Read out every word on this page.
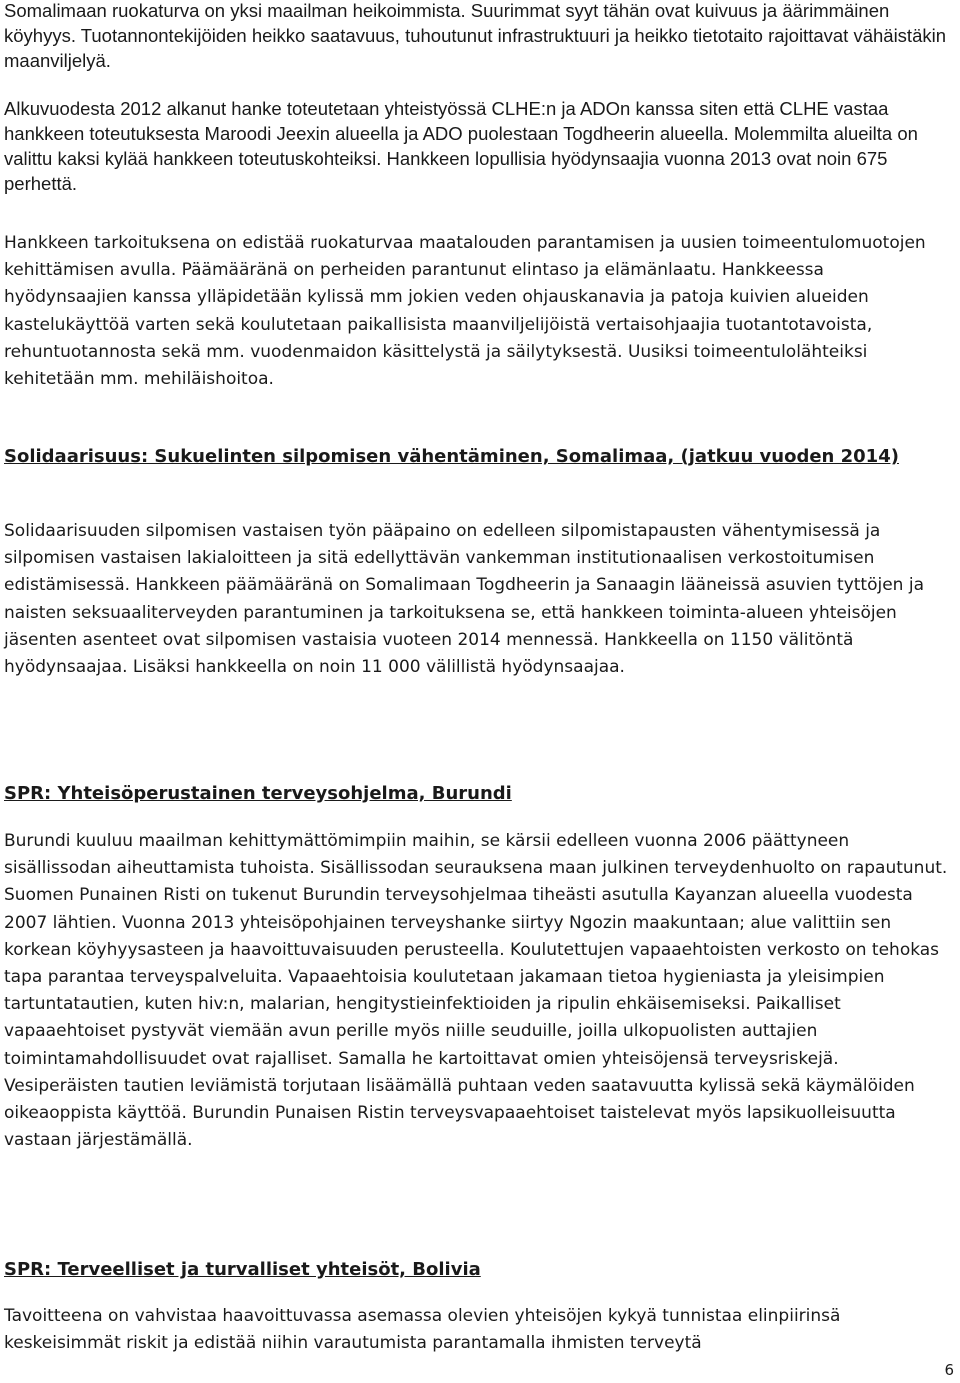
Somalimaan ruokaturva on yksi maailman heikoimmista. Suurimmat syyt tähän ovat kuivuus ja äärimmäinen köyhyys. Tuotannontekijöiden heikko saatavuus, tuhoutunut infrastruktuuri ja heikko tietotaito rajoittavat vähäistäkin maanviljelyä.

Alkuvuodesta 2012 alkanut hanke toteutetaan yhteistyössä CLHE:n ja ADOn kanssa siten että CLHE vastaa hankkeen toteutuksesta Maroodi Jeexin alueella ja ADO puolestaan Togdheerin alueella. Molemmilta alueilta on valittu kaksi kylää hankkeen toteutuskohteiksi. Hankkeen lopullisia hyödynsaajia vuonna 2013 ovat noin 675 perhettä.

Hankkeen tarkoituksena on edistää ruokaturvaa maatalouden parantamisen ja uusien toimeentulomuotojen kehittämisen avulla. Päämääränä on perheiden parantunut elintaso ja elämänlaatu. Hankkeessa hyödynsaajien kanssa ylläpidetään kylissä mm jokien veden ohjauskanavia ja patoja kuivien alueiden kastelukäyttöä varten sekä koulutetaan paikallisista maanviljelijöistä vertaisohjaajia tuotantotavoista, rehuntuotannosta sekä mm. vuodenmaidon käsittelystä ja säilytyksestä. Uusiksi toimeentulolähteiksi kehitetään mm. mehiläishoitoa.

Solidaarisuus: Sukuelinten silpomisen vähentäminen, Somalimaa, (jatkuu vuoden 2014)

Solidaarisuuden silpomisen vastaisen työn pääpaino on edelleen silpomistapausten vähentymisessä ja silpomisen vastaisen lakialoitteen ja sitä edellyttävän vankemman institutionaalisen verkostoitumisen edistämisessä. Hankkeen päämääränä on Somalimaan Togdheerin ja Sanaagin lääneissä asuvien tyttöjen ja naisten seksuaaliterveyden parantuminen ja tarkoituksena se, että hankkeen toiminta-alueen yhteisöjen jäsenten asenteet ovat silpomisen vastaisia vuoteen 2014 mennessä. Hankkeella on 1150 välitöntä hyödynsaajaa. Lisäksi hankkeella on noin 11 000 välillistä hyödynsaajaa.

SPR: Yhteisöperustainen terveysohjelma, Burundi

Burundi kuuluu maailman kehittymättömimpiin maihin, se kärsii edelleen vuonna 2006 päättyneen sisällissodan aiheuttamista tuhoista. Sisällissodan seurauksena maan julkinen terveydenhuolto on rapautunut. Suomen Punainen Risti on tukenut Burundin terveysohjelmaa tiheästi asutulla Kayanzan alueella vuodesta 2007 lähtien. Vuonna 2013 yhteisöpohjainen terveyshanke siirtyy Ngozin maakuntaan; alue valittiin sen korkean köyhyysasteen ja haavoittuvaisuuden perusteella. Koulutettujen vapaaehtoisten verkosto on tehokas tapa parantaa terveyspalveluita. Vapaaehtoisia koulutetaan jakamaan tietoa hygieniasta ja yleisimpien tartuntatautien, kuten hiv:n, malarian, hengitystieinfektioiden ja ripulin ehkäisemiseksi. Paikalliset vapaaehtoiset pystyvät viemään avun perille myös niille seuduille, joilla ulkopuolisten auttajien toimintamahdollisuudet ovat rajalliset. Samalla he kartoittavat omien yhteisöjensä terveysriskejä. Vesiperäisten tautien leviämistä torjutaan lisäämällä puhtaan veden saatavuutta kylissä sekä käymälöiden oikeaoppista käyttöä. Burundin Punaisen Ristin terveysvapaaehtoiset taistelevat myös lapsikuolleisuutta vastaan järjestämällä.

SPR: Terveelliset ja turvalliset yhteisöt, Bolivia

Tavoitteena on vahvistaa haavoittuvassa asemassa olevien yhteisöjen kykyä tunnistaa elinpiirinsä keskeisimmät riskit ja edistää niihin varautumista parantamalla ihmisten terveytä

6
